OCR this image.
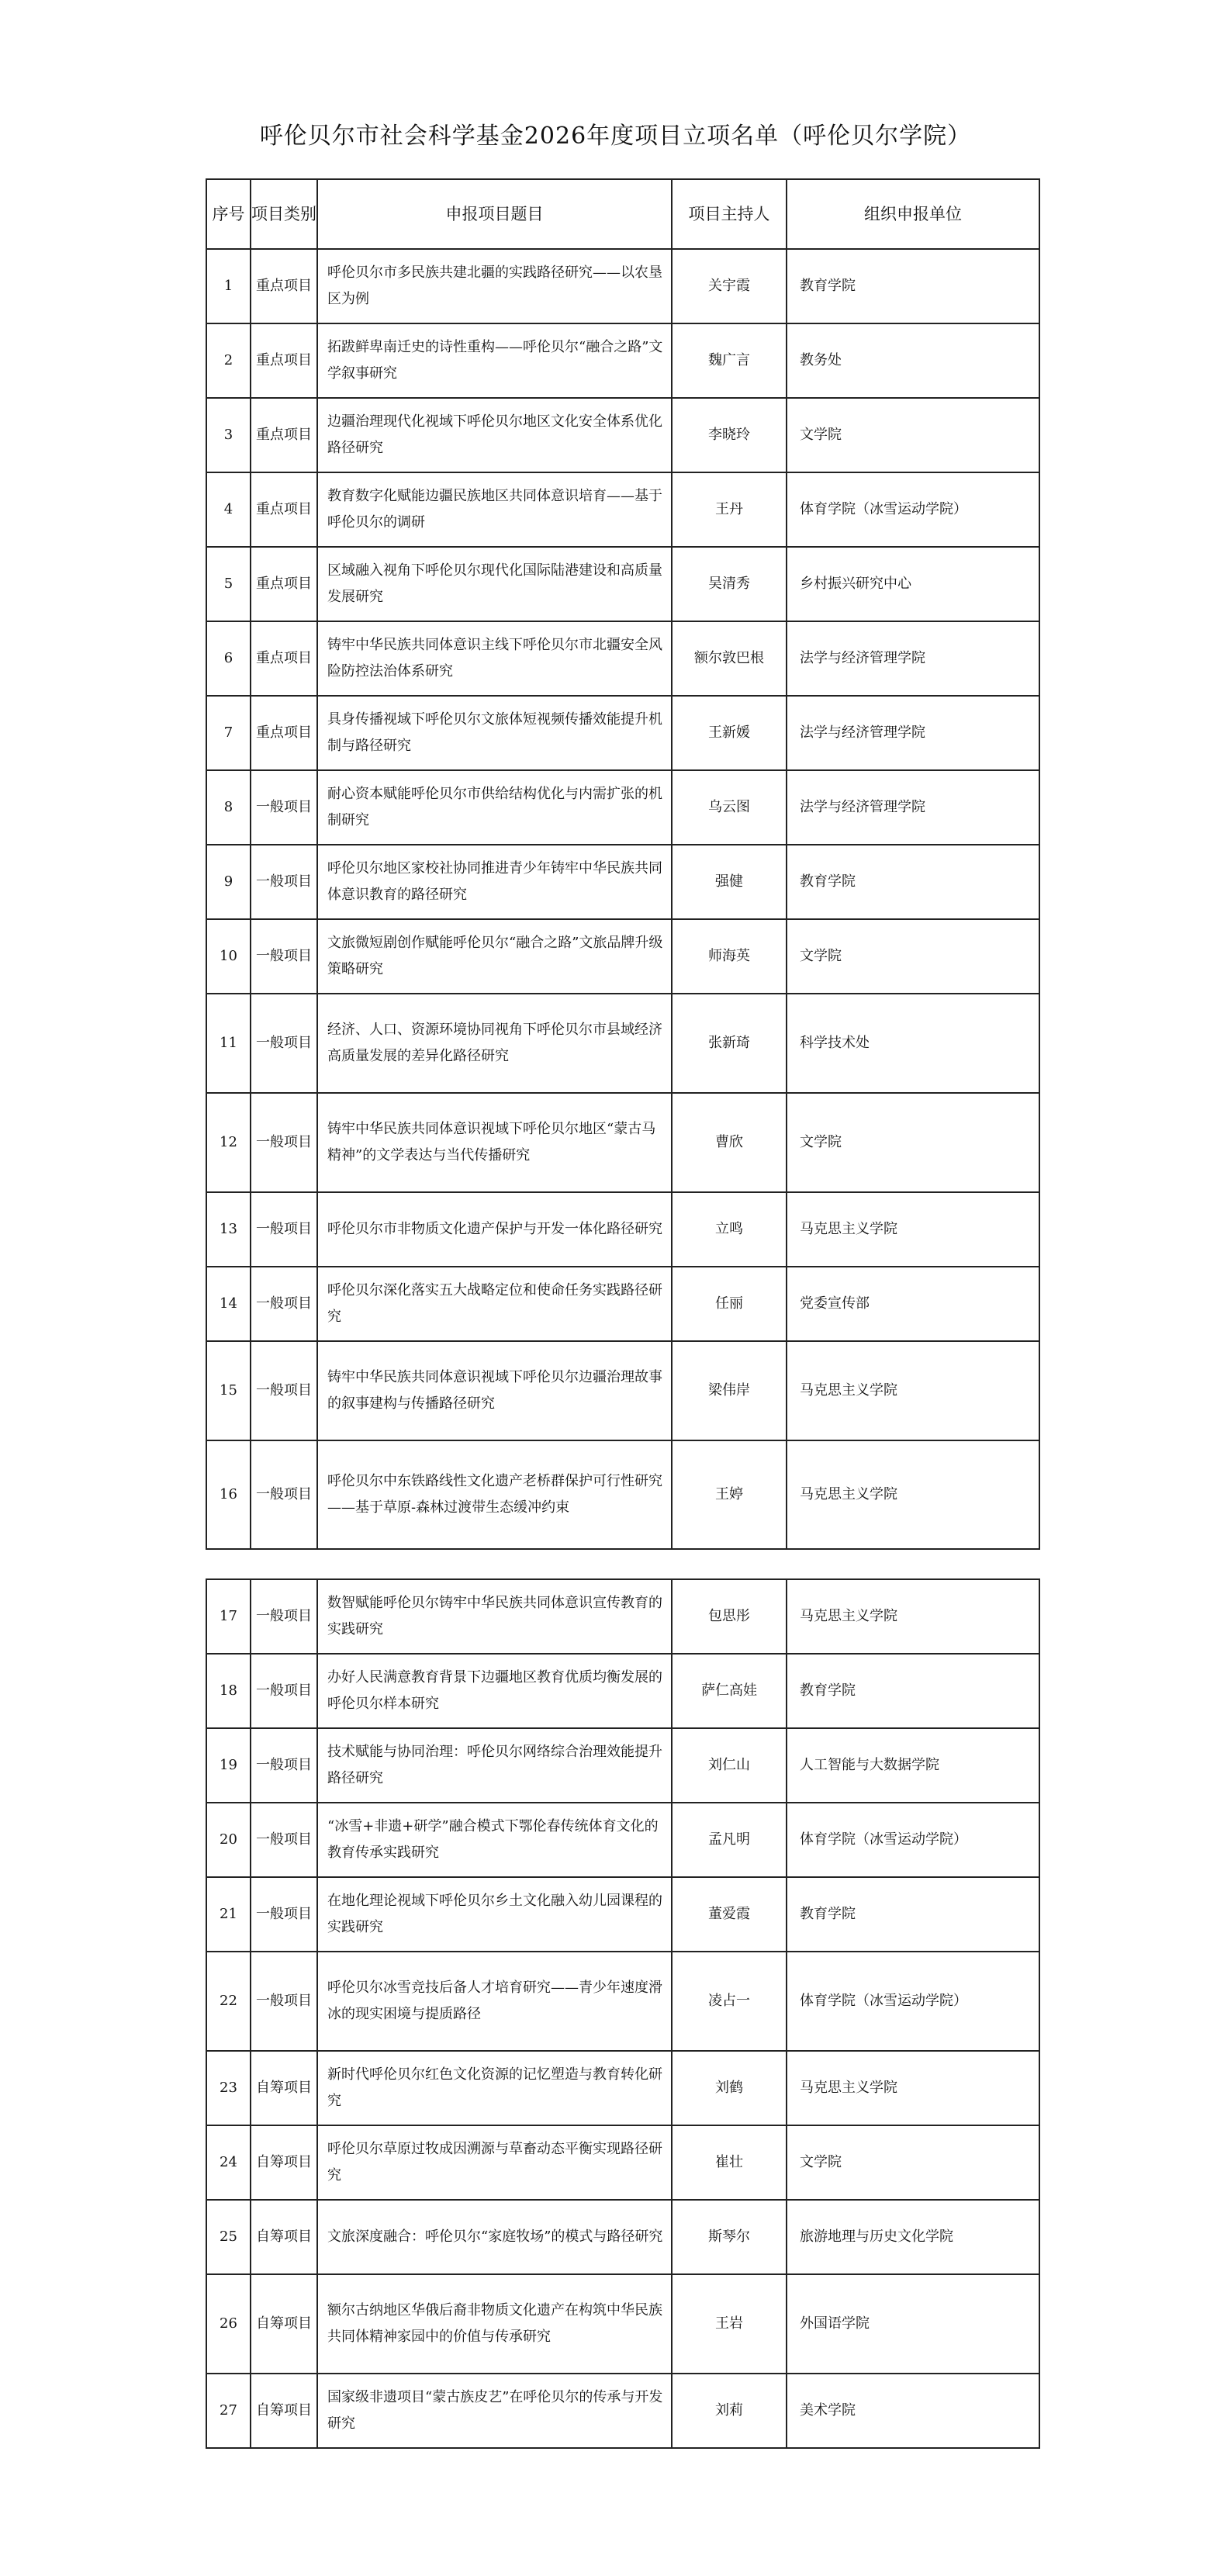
呼伦贝尔市社会科学基金2026年度项目立项名单（呼伦贝尔学院）
序号	项目类别	申报项目题目	项目主持人	组织申报单位
1	重点项目	呼伦贝尔市多民族共建北疆的实践路径研究——以农垦区为例	关宇霞	教育学院
2	重点项目	拓跋鲜卑南迁史的诗性重构——呼伦贝尔“融合之路”文学叙事研究	魏广言	教务处
3	重点项目	边疆治理现代化视域下呼伦贝尔地区文化安全体系优化路径研究	李晓玲	文学院
4	重点项目	教育数字化赋能边疆民族地区共同体意识培育——基于呼伦贝尔的调研	王丹	体育学院（冰雪运动学院）
5	重点项目	区域融入视角下呼伦贝尔现代化国际陆港建设和高质量发展研究	吴清秀	乡村振兴研究中心
6	重点项目	铸牢中华民族共同体意识主线下呼伦贝尔市北疆安全风险防控法治体系研究	额尔敦巴根	法学与经济管理学院
7	重点项目	具身传播视域下呼伦贝尔文旅体短视频传播效能提升机制与路径研究	王新媛	法学与经济管理学院
8	一般项目	耐心资本赋能呼伦贝尔市供给结构优化与内需扩张的机制研究	乌云图	法学与经济管理学院
9	一般项目	呼伦贝尔地区家校社协同推进青少年铸牢中华民族共同体意识教育的路径研究	强健	教育学院
10	一般项目	文旅微短剧创作赋能呼伦贝尔“融合之路”文旅品牌升级策略研究	师海英	文学院
11	一般项目	经济、人口、资源环境协同视角下呼伦贝尔市县域经济高质量发展的差异化路径研究	张新琦	科学技术处
12	一般项目	铸牢中华民族共同体意识视域下呼伦贝尔地区“蒙古马精神”的文学表达与当代传播研究	曹欣	文学院
13	一般项目	呼伦贝尔市非物质文化遗产保护与开发一体化路径研究	立鸣	马克思主义学院
14	一般项目	呼伦贝尔深化落实五大战略定位和使命任务实践路径研究	任丽	党委宣传部
15	一般项目	铸牢中华民族共同体意识视域下呼伦贝尔边疆治理故事的叙事建构与传播路径研究	梁伟岸	马克思主义学院
16	一般项目	呼伦贝尔中东铁路线性文化遗产老桥群保护可行性研究——基于草原-森林过渡带生态缓冲约束	王婷	马克思主义学院
17	一般项目	数智赋能呼伦贝尔铸牢中华民族共同体意识宣传教育的实践研究	包思彤	马克思主义学院
18	一般项目	办好人民满意教育背景下边疆地区教育优质均衡发展的呼伦贝尔样本研究	萨仁高娃	教育学院
19	一般项目	技术赋能与协同治理：呼伦贝尔网络综合治理效能提升路径研究	刘仁山	人工智能与大数据学院
20	一般项目	“冰雪+非遗+研学”融合模式下鄂伦春传统体育文化的教育传承实践研究	孟凡明	体育学院（冰雪运动学院）
21	一般项目	在地化理论视域下呼伦贝尔乡土文化融入幼儿园课程的实践研究	董爱霞	教育学院
22	一般项目	呼伦贝尔冰雪竞技后备人才培育研究——青少年速度滑冰的现实困境与提质路径	凌占一	体育学院（冰雪运动学院）
23	自筹项目	新时代呼伦贝尔红色文化资源的记忆塑造与教育转化研究	刘鹤	马克思主义学院
24	自筹项目	呼伦贝尔草原过牧成因溯源与草畜动态平衡实现路径研究	崔壮	文学院
25	自筹项目	文旅深度融合：呼伦贝尔“家庭牧场”的模式与路径研究	斯琴尔	旅游地理与历史文化学院
26	自筹项目	额尔古纳地区华俄后裔非物质文化遗产在构筑中华民族共同体精神家园中的价值与传承研究	王岩	外国语学院
27	自筹项目	国家级非遗项目“蒙古族皮艺”在呼伦贝尔的传承与开发研究	刘莉	美术学院
